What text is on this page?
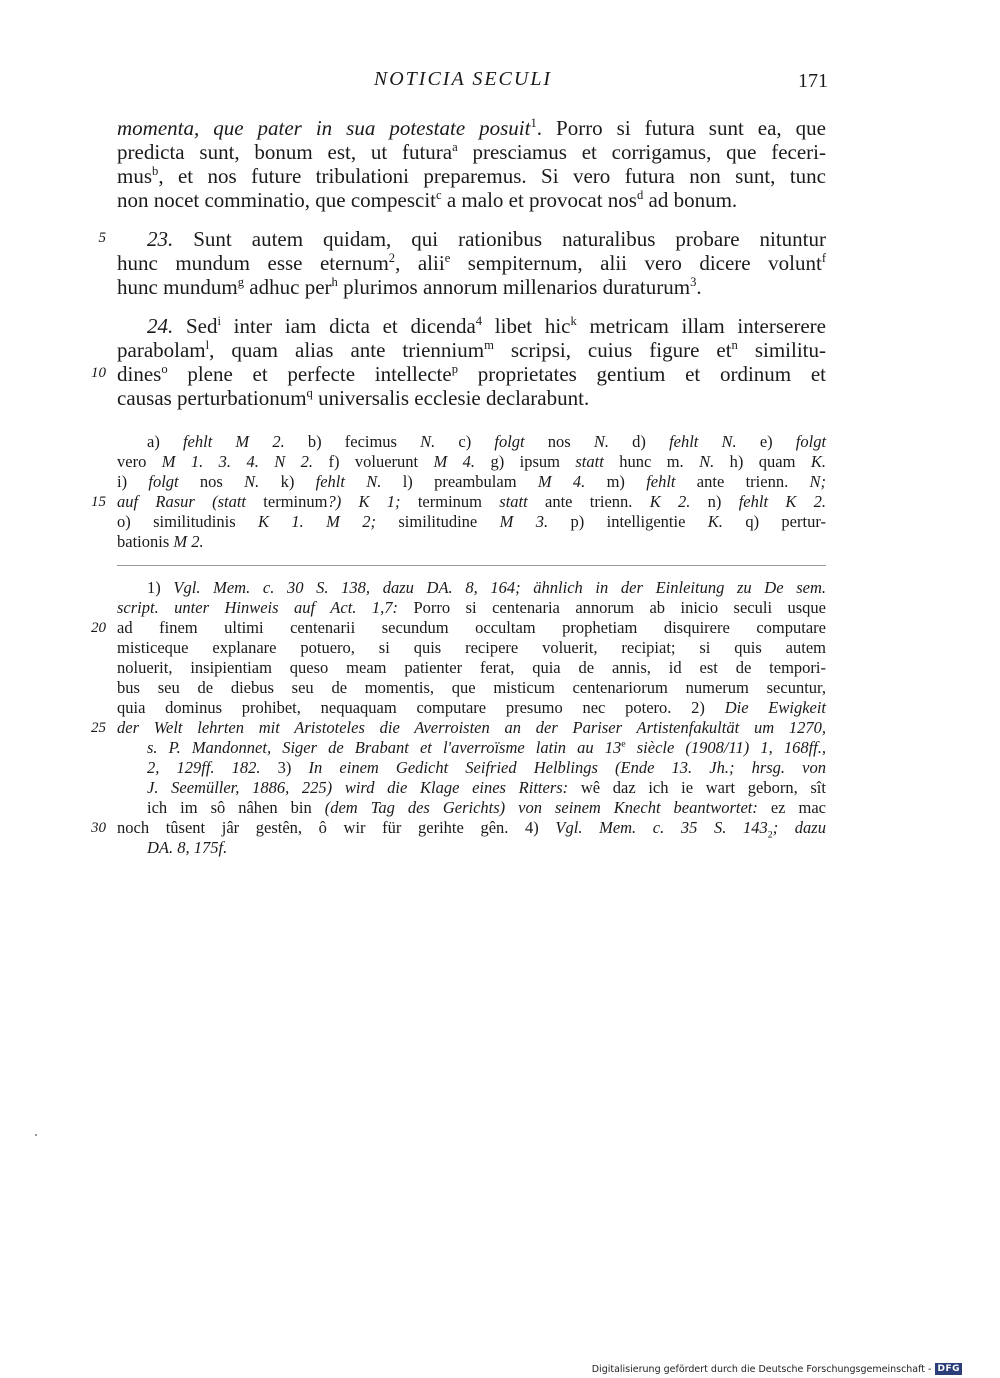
NOTICIA SECULI	171
momenta, que pater in sua potestate posuit$^1$. Porro si futura sunt ea, que
predicta sunt, bonum est, ut futura$^a$ presciamus et corrigamus, que feceri-
mus$^b$, et nos future tribulationi preparemus. Si vero futura non sunt, tunc
non nocet comminatio, que compescit$^c$ a malo et provocat nos$^d$ ad bonum.
23. Sunt autem quidam, qui rationibus naturalibus probare nituntur
hunc mundum esse eternum$^2$, alii$^e$ sempiternum, alii vero dicere volunt$^f$
hunc mundum$^g$ adhuc per$^h$ plurimos annorum millenarios duraturum$^3$.
24. Sed$^i$ inter iam dicta et dicenda$^4$ libet hic$^k$ metricam illam interserere
parabolam$^l$, quam alias ante triennium$^m$ scripsi, cuius figure $et^n$ similitu-
dines$^o$ plene et perfecte intellecte$^p$ proprietates gentium et ordinum et
causas perturbationum$^q$ universalis ecclesie declarabunt.
a) fehlt M 2. b) fecimus N. c) folgt nos N. d) fehlt N. e) folgt
vero M 1. 3. 4. N 2. f) voluerunt M 4. g) ipsum statt hunc m. N. h) quam K.
i) folgt nos N. k) fehlt N. l) preambulam M 4. m) fehlt ante trienn. N;
auf Rasur (statt terminum?) K 1; terminum statt ante trienn. K 2. n) fehlt K 2.
o) similitudinis K 1. M 2; similitudine M 3. p) intelligentie K. q) pertur-
bationis M 2.
1) Vgl. Mem. c. 30 S. 138, dazu DA. 8, 164; ähnlich in der Einleitung zu De sem.
script. unter Hinweis auf Act. 1,7: Porro si centenaria annorum ab inicio seculi usque
ad finem ultimi centenarii secundum occultam prophetiam disquirere computare
misticeque explanare potuero, si quis recipere voluerit, recipiat; si quis autem
noluerit, insipientiam queso meam patienter ferat, quia de annis, id est de tempori-
bus seu de diebus seu de momentis, que misticum centenariorum numerum secuntur,
quia dominus prohibet, nequaquam computare presumo nec potero. 2) Die Ewigkeit
der Welt lehrten mit Aristoteles die Averroisten an der Pariser Artistenfakultät um 1270,
s. P. Mandonnet, Siger de Brabant et l'averroïsme latin au 13e siècle (1908/11) 1, 168ff.,
2, 129ff. 182. 3) In einem Gedicht Seifried Helblings (Ende 13. Jh.; hrsg. von
J. Seemüller, 1886, 225) wird die Klage eines Ritters: wê daz ich ie wart geborn, sît
ich im sô nâhen bin (dem Tag des Gerichts) von seinem Knecht beantwortet: ez mac
noch tûsent jâr gestên, ô wir für gerihte gên. 4) Vgl. Mem. c. 35 S. $143_2$; dazu
DA. 8, 175f.
5
10
15
20
25
30
Digitalisierung gefördert durch die Deutsche Forschungsgemeinschaft - DFG
